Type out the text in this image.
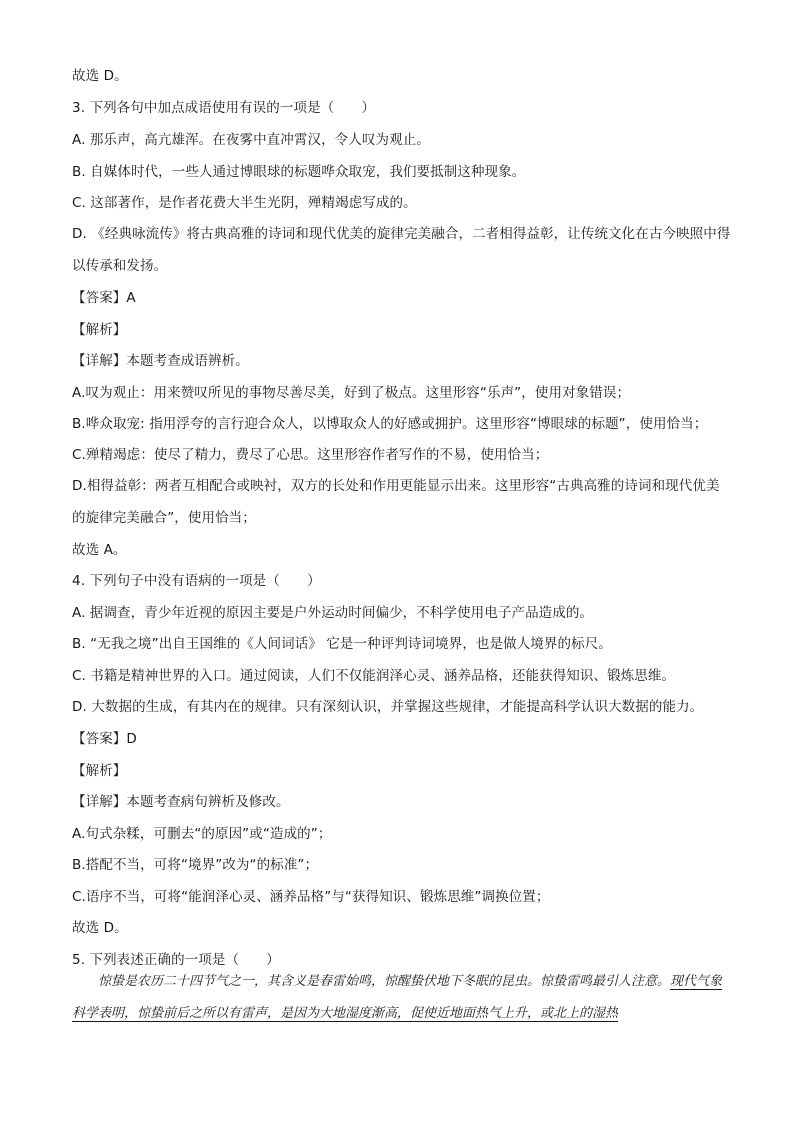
故选 D。
3. 下列各句中加点成语使用有误的一项是（　　）
A. 那乐声，高亢雄浑。在夜雾中直冲霄汉，令人叹为观止。
B. 自媒体时代，一些人通过博眼球的标题哗众取宠，我们要抵制这种现象。
C. 这部著作，是作者花费大半生光阴，殚精竭虑写成的。
D. 《经典咏流传》将古典高雅的诗词和现代优美的旋律完美融合，二者相得益彰，让传统文化在古今映照中得以传承和发扬。
【答案】A
【解析】
【详解】本题考查成语辨析。
A.叹为观止：用来赞叹所见的事物尽善尽美，好到了极点。这里形容“乐声”，使用对象错误；
B.哗众取宠: 指用浮夸的言行迎合众人，以博取众人的好感或拥护。这里形容“博眼球的标题”，使用恰当；
C.殚精竭虑：使尽了精力，费尽了心思。这里形容作者写作的不易，使用恰当；
D.相得益彰：两者互相配合或映衬，双方的长处和作用更能显示出来。这里形容“古典高雅的诗词和现代优美的旋律完美融合”，使用恰当；
故选 A。
4. 下列句子中没有语病的一项是（　　）
A. 据调查，青少年近视的原因主要是户外运动时间偏少，不科学使用电子产品造成的。
B. “无我之境”出自王国维的《人间词话》 它是一种评判诗词境界，也是做人境界的标尺。
C. 书籍是精神世界的入口。通过阅读，人们不仅能润泽心灵、涵养品格，还能获得知识、锻炼思维。
D. 大数据的生成，有其内在的规律。只有深刻认识，并掌握这些规律，才能提高科学认识大数据的能力。
【答案】D
【解析】
【详解】本题考查病句辨析及修改。
A.句式杂糅，可删去“的原因”或“造成的”；
B.搭配不当，可将“境界”改为“的标准”；
C.语序不当，可将“能润泽心灵、涵养品格”与“获得知识、锻炼思维”调换位置；
故选 D。
5. 下列表述正确的一项是（　　）
惊蛰是农历二十四节气之一，其含义是春雷始鸣，惊醒蛰伏地下冬眠的昆虫。惊蛰雷鸣最引人注意。现代气象科学表明，惊蛰前后之所以有雷声，是因为大地湿度渐高，促使近地面热气上升，或北上的湿热
